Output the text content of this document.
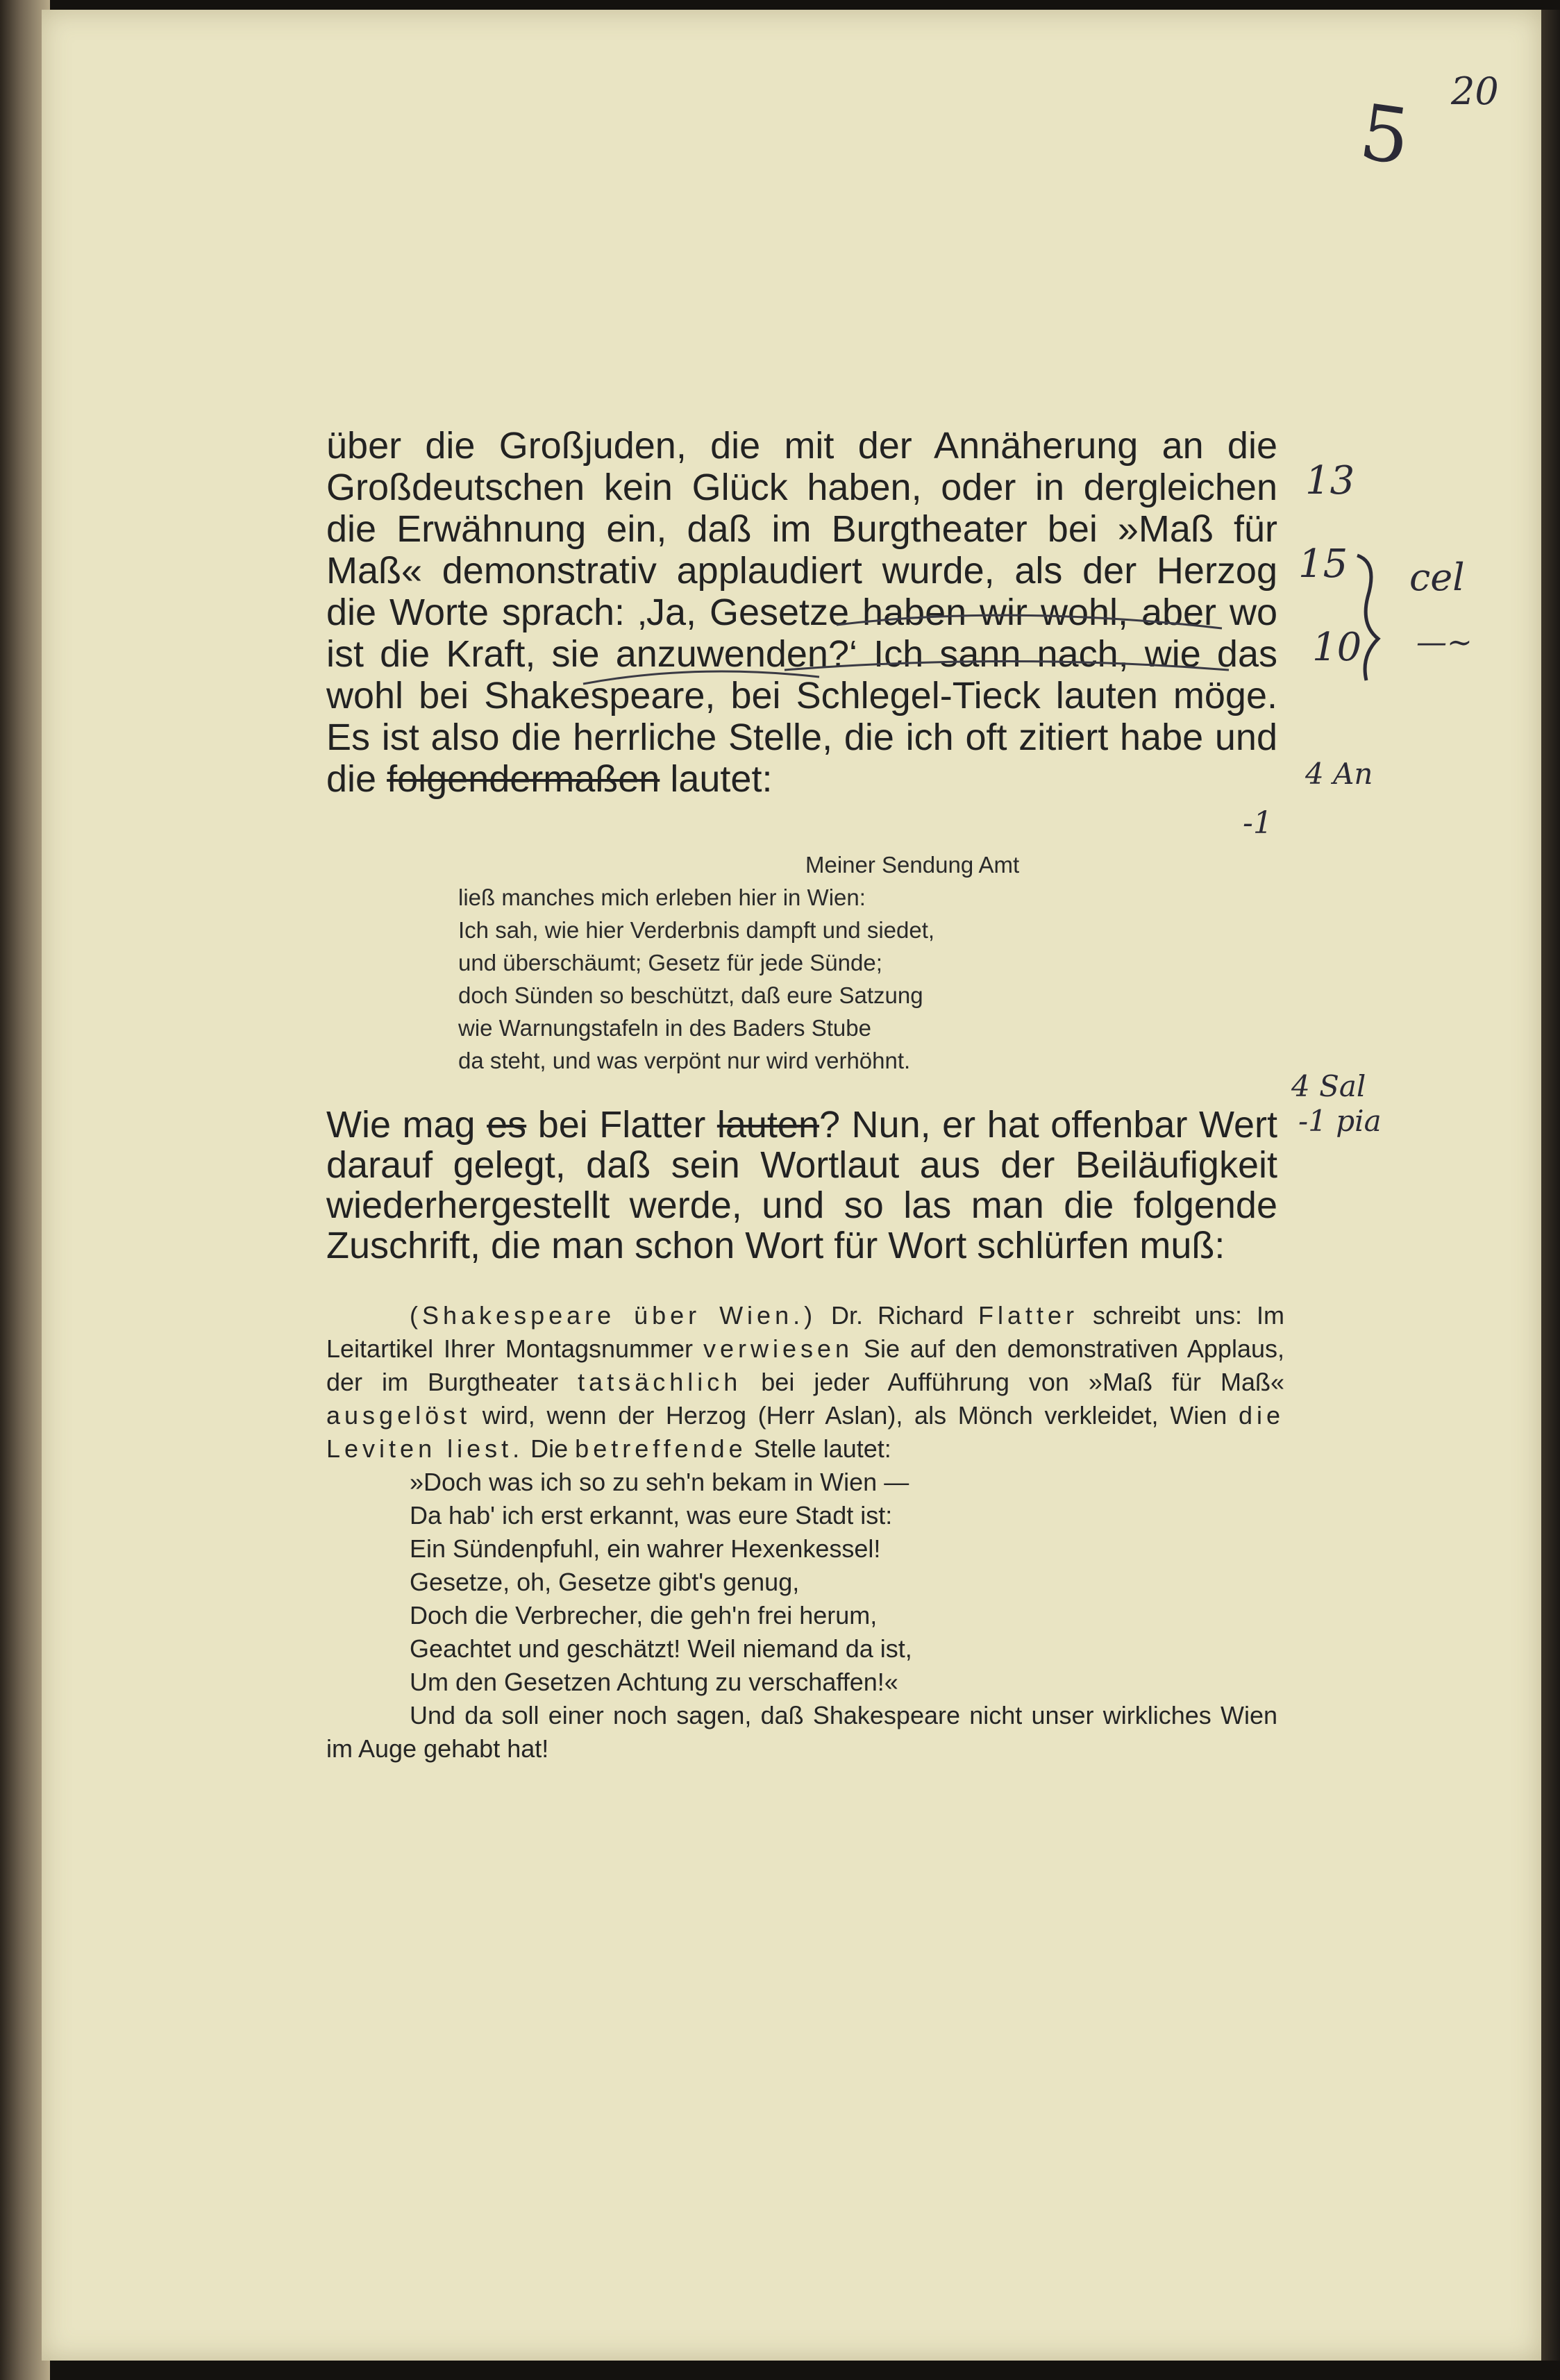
20
5

über die Großjuden, die mit der Annäherung an die Großdeutschen kein Glück haben, oder in dergleichen die Erwähnung ein, daß im Burgtheater bei »Maß für Maß« demonstrativ applaudiert wurde, als der Herzog die Worte sprach: ‚Ja, Gesetze haben wir wohl, aber wo ist die Kraft, sie anzuwenden?‘ Ich sann nach, wie das wohl bei Shakespeare, bei Schlegel-Tieck lauten möge. Es ist also die herrliche Stelle, die ich oft zitiert habe und die folgendermaßen lautet:

Meiner Sendung Amt
ließ manches mich erleben hier in Wien:
Ich sah, wie hier Verderbnis dampft und siedet,
und überschäumt; Gesetz für jede Sünde;
doch Sünden so beschützt, daß eure Satzung
wie Warnungstafeln in des Baders Stube
da steht, und was verpönt nur wird verhöhnt.

Wie mag es bei Flatter lauten? Nun, er hat offenbar Wert darauf gelegt, daß sein Wortlaut aus der Beiläufigkeit wiederhergestellt werde, und so las man die folgende Zuschrift, die man schon Wort für Wort schlürfen muß:

(Shakespeare über Wien.) Dr. Richard Flatter schreibt uns: Im Leitartikel Ihrer Montagsnummer verwiesen Sie auf den demonstrativen Applaus, der im Burgtheater tatsächlich bei jeder Aufführung von »Maß für Maß« ausgelöst wird, wenn der Herzog (Herr Aslan), als Mönch verkleidet, Wien die Leviten liest. Die betreffende Stelle lautet:
»Doch was ich so zu seh'n bekam in Wien —
Da hab' ich erst erkannt, was eure Stadt ist:
Ein Sündenpfuhl, ein wahrer Hexenkessel!
Gesetze, oh, Gesetze gibt's genug,
Doch die Verbrecher, die geh'n frei herum,
Geachtet und geschätzt! Weil niemand da ist,
Um den Gesetzen Achtung zu verschaffen!«
Und da soll einer noch sagen, daß Shakespeare nicht unser wirkliches Wien im Auge gehabt hat!
13
15
10
cel
—~
4 An
-1
4 Sal
-1 pia
